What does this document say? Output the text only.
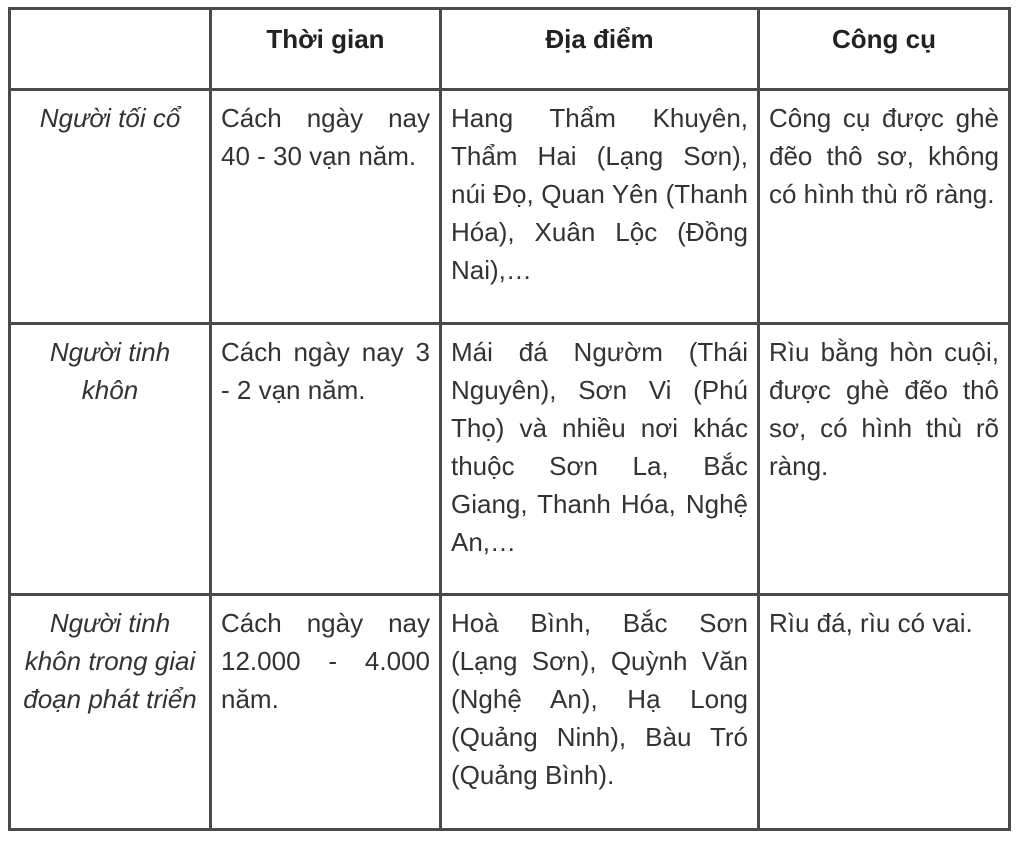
	Thời gian	Địa điểm	Công cụ
Người tối cổ	Cách ngày nay 40 - 30 vạn năm.	Hang Thẩm Khuyên, Thẩm Hai (Lạng Sơn), núi Đọ, Quan Yên (Thanh Hóa), Xuân Lộc (Đồng Nai),…	Công cụ được ghè đẽo thô sơ, không có hình thù rõ ràng.
Người tinh khôn	Cách ngày nay 3 - 2 vạn năm.	Mái đá Ngườm (Thái Nguyên), Sơn Vi (Phú Thọ) và nhiều nơi khác thuộc Sơn La, Bắc Giang, Thanh Hóa, Nghệ An,…	Rìu bằng hòn cuội, được ghè đẽo thô sơ, có hình thù rõ ràng.
Người tinh khôn trong giai đoạn phát triển	Cách ngày nay 12.000 - 4.000 năm.	Hoà Bình, Bắc Sơn (Lạng Sơn), Quỳnh Văn (Nghệ An), Hạ Long (Quảng Ninh), Bàu Tró (Quảng Bình).	Rìu đá, rìu có vai.
